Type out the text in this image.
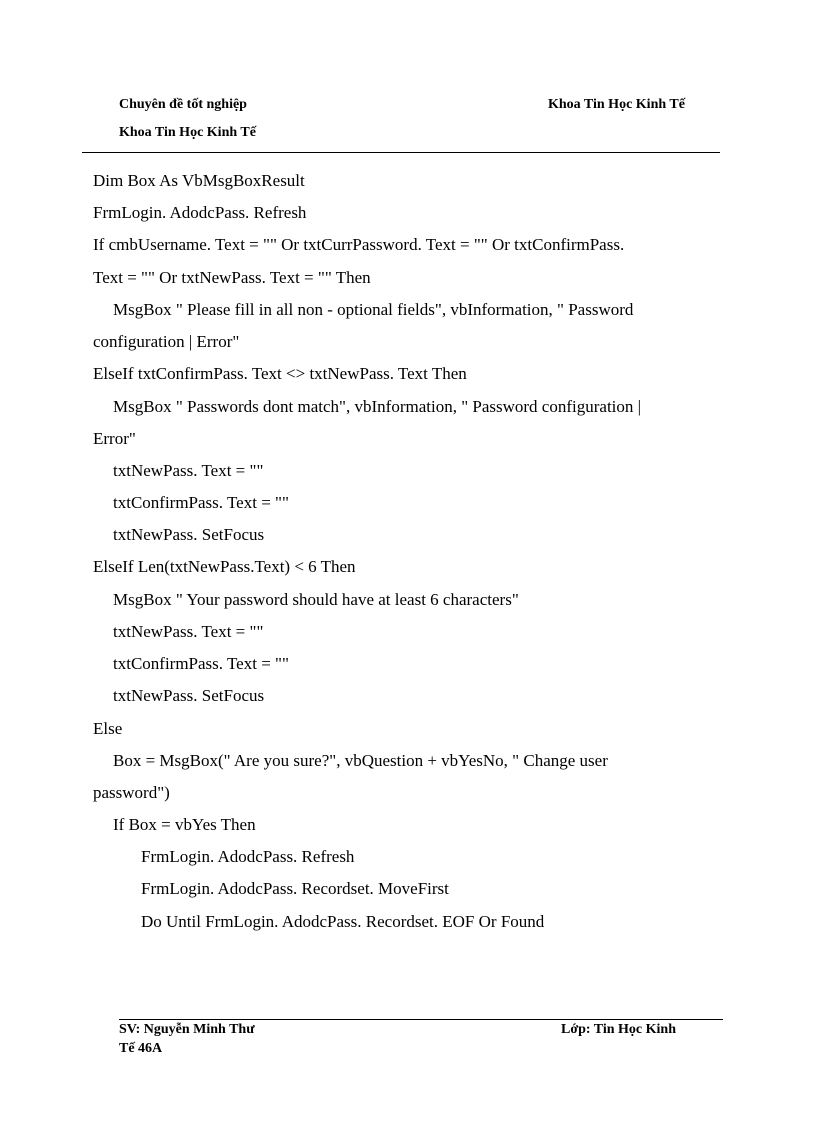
Chuyên đề tốt nghiệp	Khoa Tin Học Kinh Tế
Khoa Tin Học Kinh Tế
Dim Box As VbMsgBoxResult
FrmLogin. AdodcPass. Refresh
If cmbUsername. Text = "" Or txtCurrPassword. Text = "" Or txtConfirmPass.
Text = "" Or txtNewPass. Text = "" Then
MsgBox " Please fill in all non - optional fields", vbInformation, " Password
configuration | Error"
ElseIf txtConfirmPass. Text <> txtNewPass. Text Then
MsgBox " Passwords dont match", vbInformation, " Password configuration |
Error"
txtNewPass. Text = ""
txtConfirmPass. Text = ""
txtNewPass. SetFocus
ElseIf Len(txtNewPass.Text) < 6 Then
MsgBox " Your password should have at least 6 characters"
txtNewPass. Text = ""
txtConfirmPass. Text = ""
txtNewPass. SetFocus
Else
Box = MsgBox(" Are you sure?", vbQuestion + vbYesNo, " Change user
password")
If Box = vbYes Then
FrmLogin. AdodcPass. Refresh
FrmLogin. AdodcPass. Recordset. MoveFirst
Do Until FrmLogin. AdodcPass. Recordset. EOF Or Found
SV: Nguyễn Minh Thư	Lớp: Tin Học Kinh
Tế 46A
